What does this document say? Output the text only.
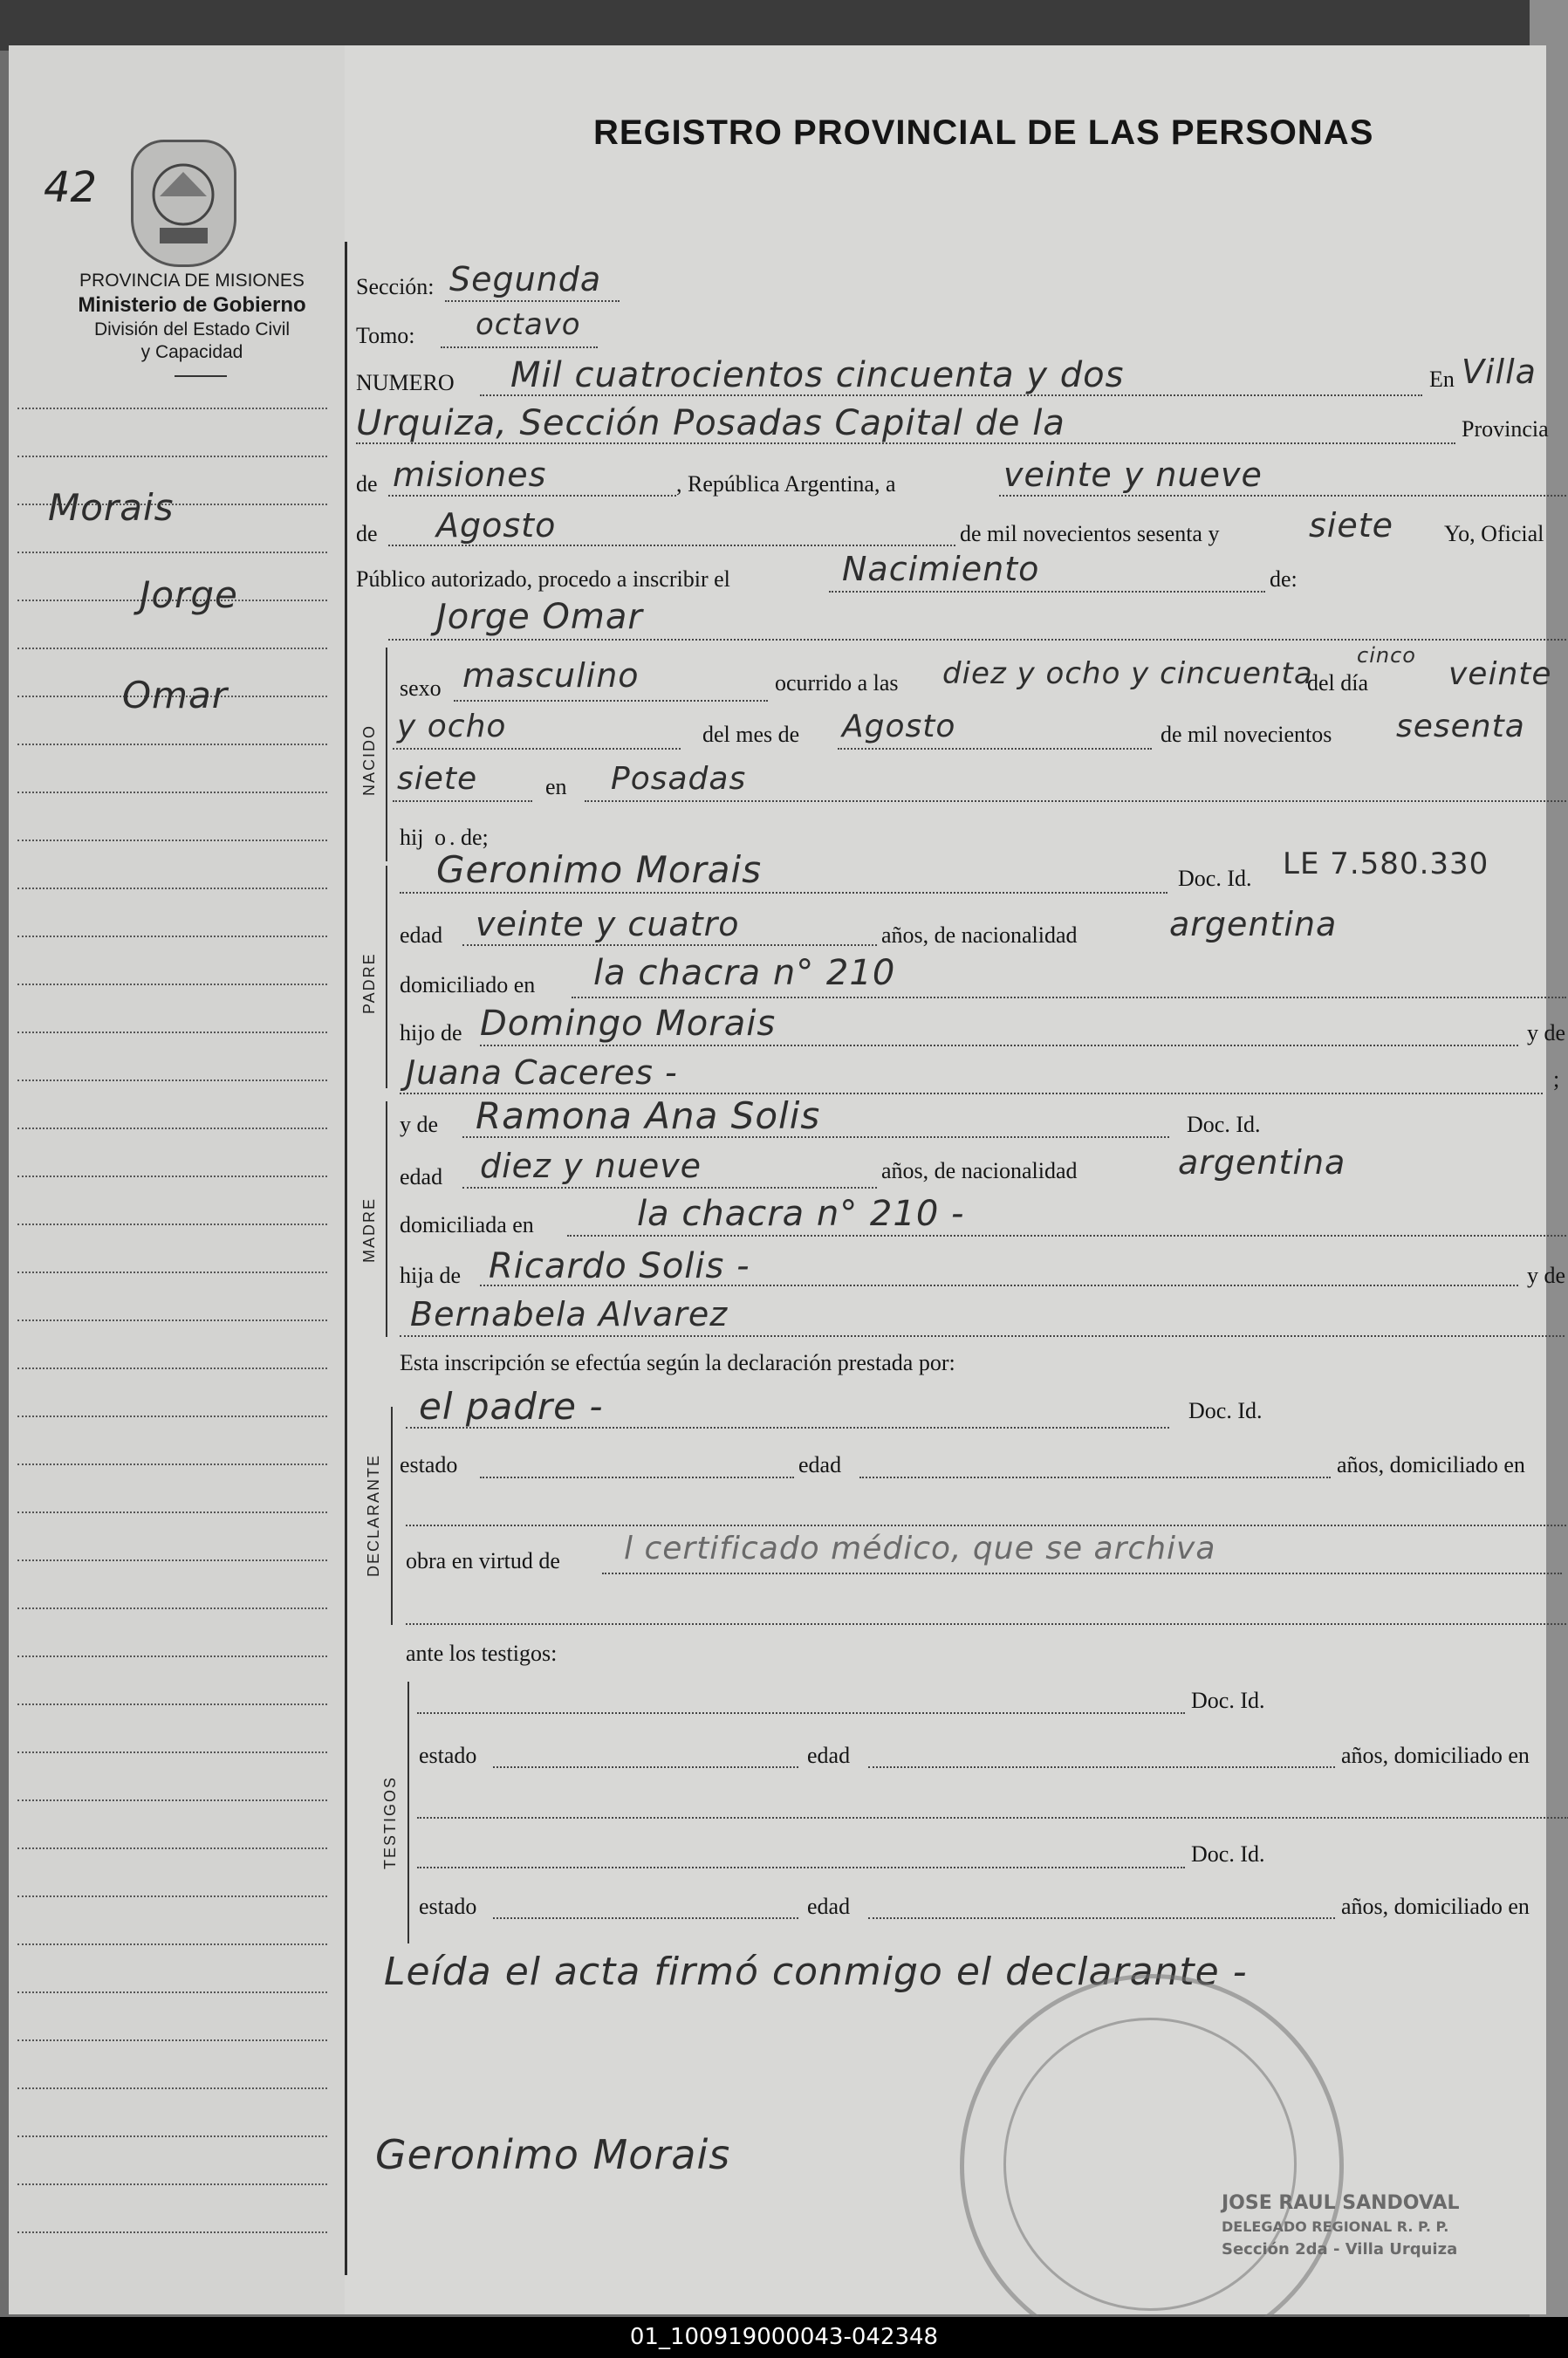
42
PROVINCIA DE MISIONES
Ministerio de Gobierno
División del Estado Civil
y Capacidad
Morais
Jorge
Omar
REGISTRO PROVINCIAL DE LAS PERSONAS
Sección: Segunda
Tomo: octavo
NUMERO Mil cuatrocientos cincuenta y dos	En Villa
Urquiza, Sección Posadas Capital de la	Provincia
de misiones	, República Argentina, a	veinte y nueve
de Agosto	de mil novecientos sesenta y	siete Yo, Oficial
Público autorizado, procedo a inscribir el	Nacimiento	de:
Jorge Omar
NACIDO
sexo masculino	ocurrido a las diez y ocho y cincuenta
cinco
del día	veinte
y ocho	del mes de Agosto	de mil novecientos sesenta
siete	en Posadas
hij o . de;
Geronimo Morais	Doc. Id. LE 7.580.330
PADRE
edad veinte y cuatro	años, de nacionalidad	argentina
domiciliado en la chacra n° 210
hijo de Domingo Morais	y de
Juana Caceres -	;
y de Ramona Ana Solis	Doc. Id.
MADRE
edad diez y nueve	años, de nacionalidad	argentina
domiciliada en	la chacra n° 210 -
hija de Ricardo Solis -	y de
Bernabela Alvarez
Esta inscripción se efectúa según la declaración prestada por:
el padre -	Doc. Id.
DECLARANTE estado	edad	años, domiciliado en
obra en virtud de l certificado médico, que se archiva
ante los testigos:
TESTIGOS
Doc. Id.
estado	edad	años, domiciliado en
Doc. Id.
estado	edad	años, domiciliado en
Leída el acta firmó conmigo el declarante -
Geronimo Morais
JOSE RAUL SANDOVAL
DELEGADO REGIONAL R. P. P.
Sección 2da - Villa Urquiza
01_100919000043-042348
